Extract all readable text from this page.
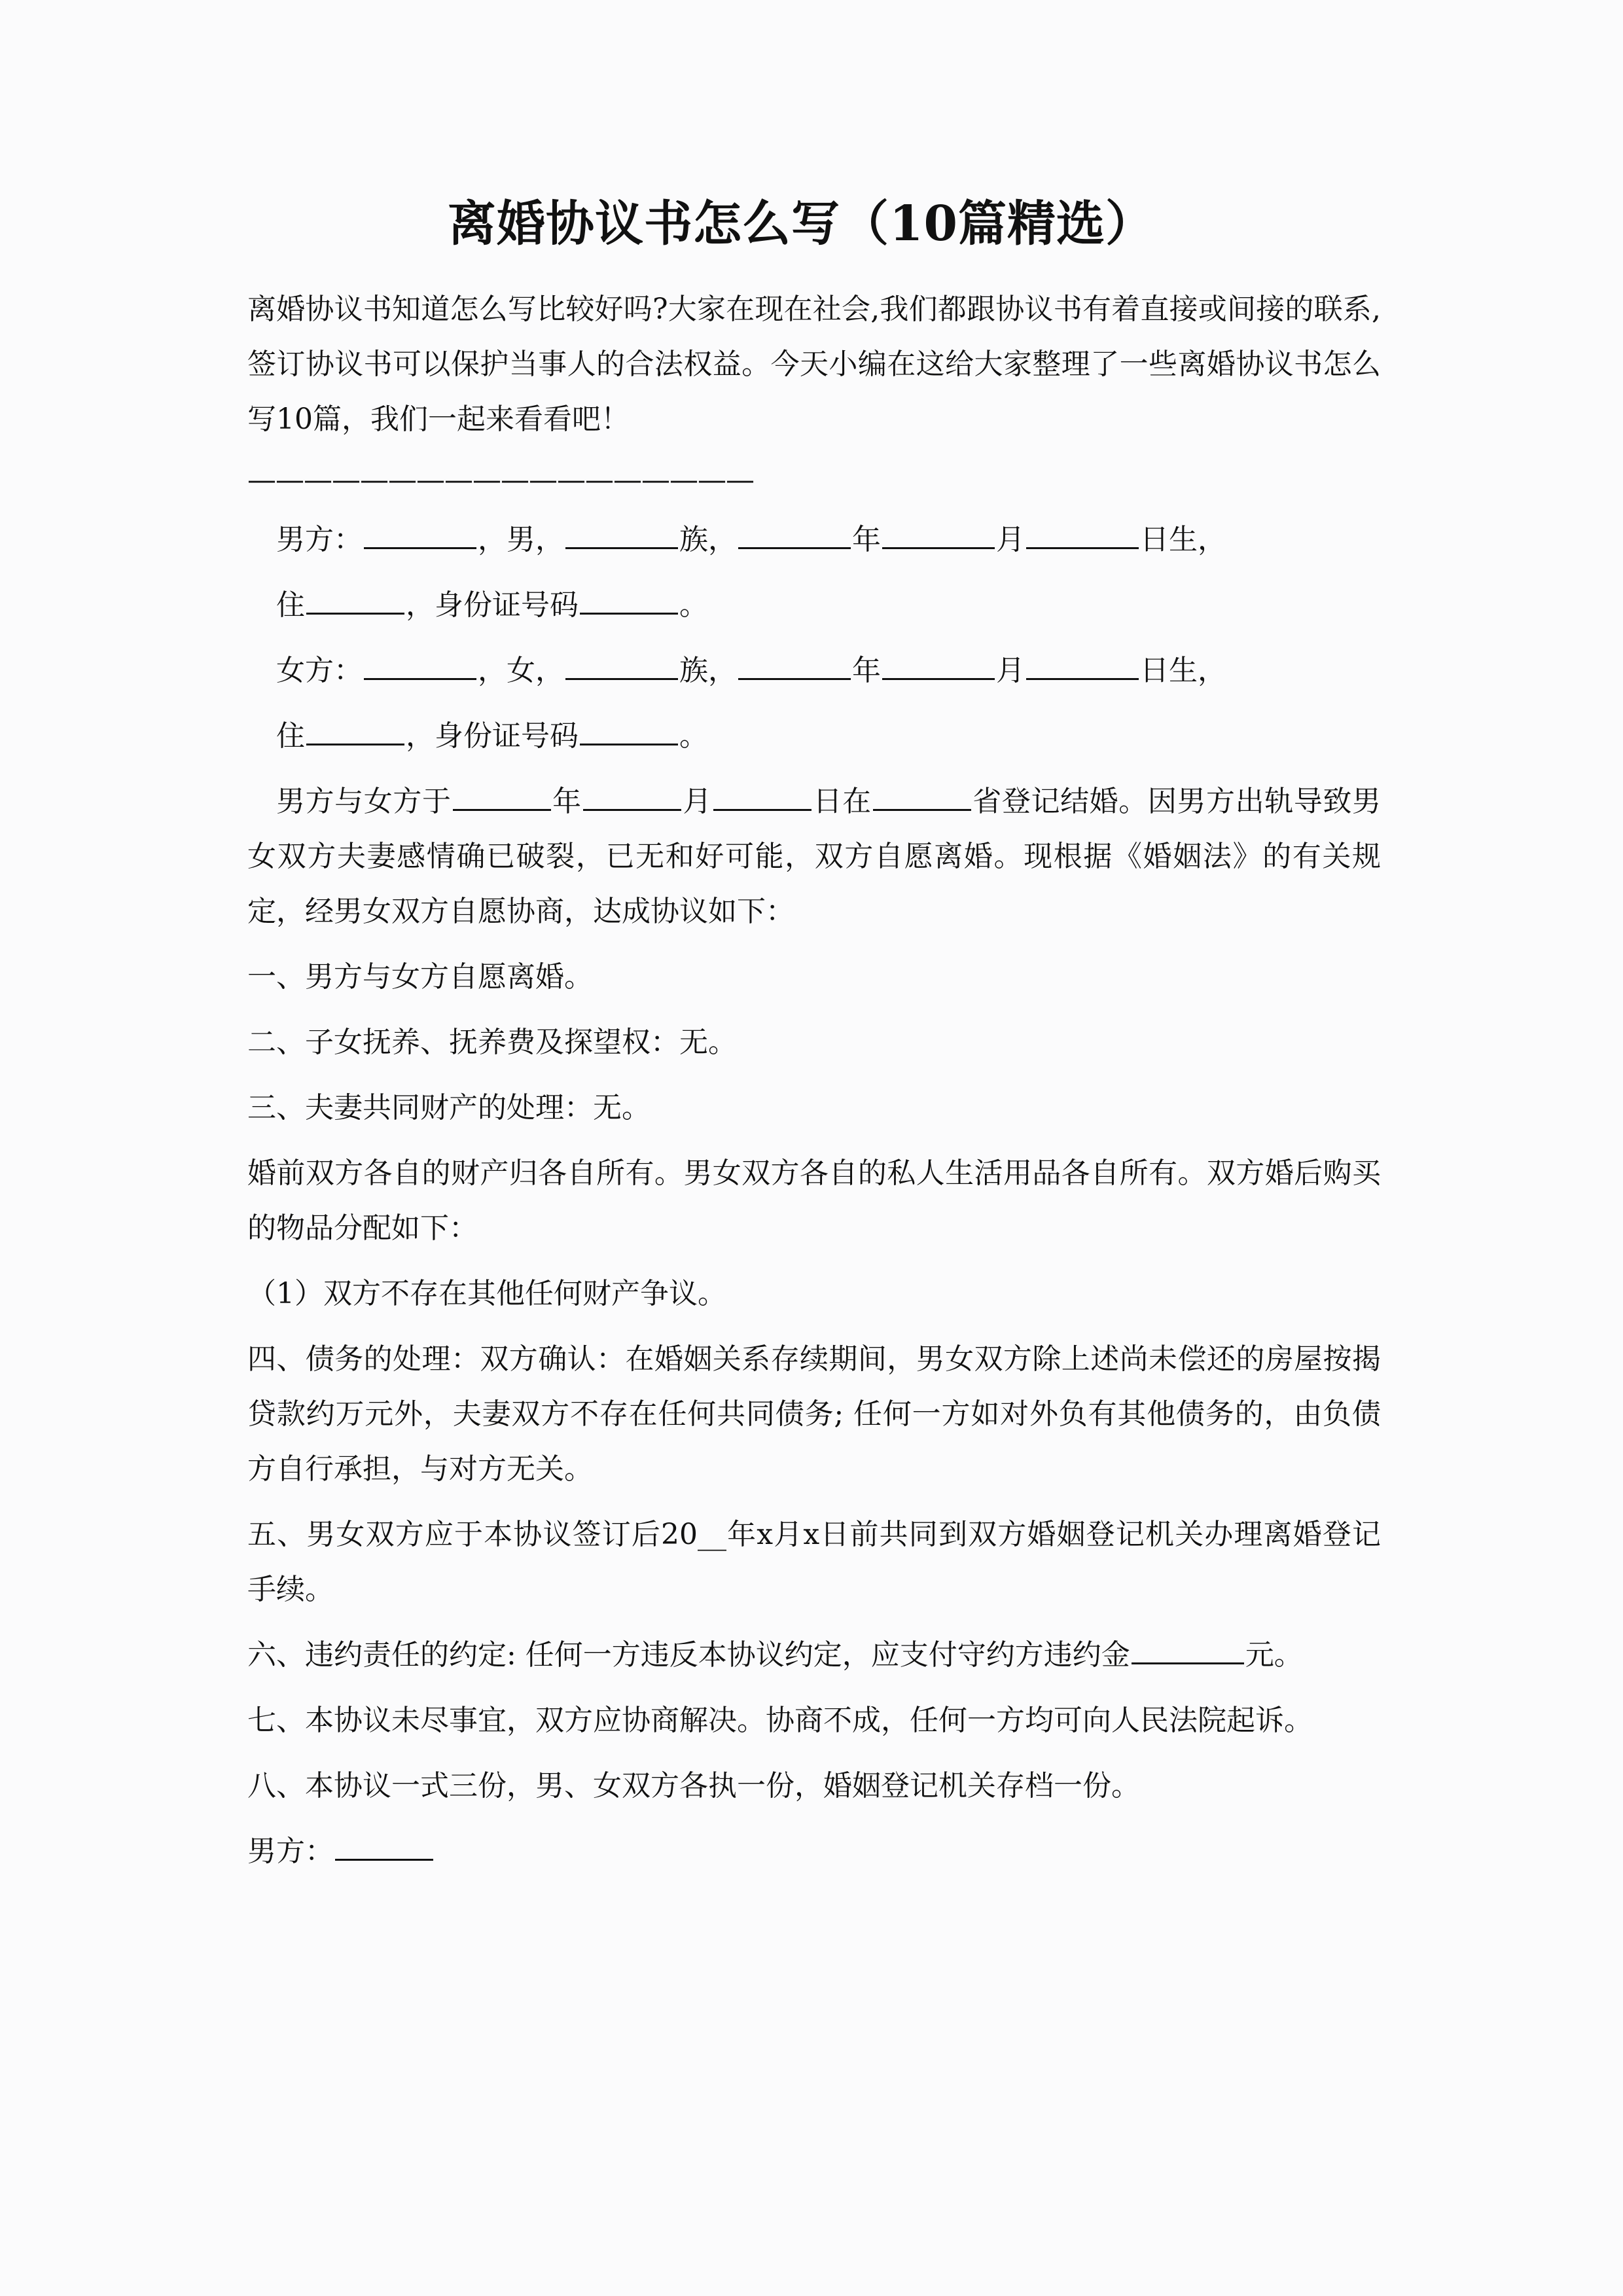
离婚协议书怎么写（10篇精选）

离婚协议书知道怎么写比较好吗?大家在现在社会,我们都跟协议书有着直接或间接的联系,签订协议书可以保护当事人的合法权益。今天小编在这给大家整理了一些离婚协议书怎么写10篇，我们一起来看看吧！

——————————————————

男方：	，男，	族，	年	月	日生，

住	，身份证号码	。

女方：	，女，	族，	年	月	日生，

住	，身份证号码	。

男方与女方于	年	月	日在	省登记结婚。因男方出轨导致男女双方夫妻感情确已破裂，已无和好可能，双方自愿离婚。现根据《婚姻法》的有关规定，经男女双方自愿协商，达成协议如下：

一、男方与女方自愿离婚。

二、子女抚养、抚养费及探望权：无。

三、夫妻共同财产的处理：无。

婚前双方各自的财产归各自所有。男女双方各自的私人生活用品各自所有。双方婚后购买的物品分配如下：

（1）双方不存在其他任何财产争议。

四、债务的处理：双方确认：在婚姻关系存续期间，男女双方除上述尚未偿还的房屋按揭贷款约万元外，夫妻双方不存在任何共同债务; 任何一方如对外负有其他债务的，由负债方自行承担，与对方无关。

五、男女双方应于本协议签订后20__年x月x日前共同到双方婚姻登记机关办理离婚登记手续。

六、违约责任的约定: 任何一方违反本协议约定，应支付守约方违约金	元。

七、本协议未尽事宜，双方应协商解决。协商不成，任何一方均可向人民法院起诉。

八、本协议一式三份，男、女双方各执一份，婚姻登记机关存档一份。

男方：
